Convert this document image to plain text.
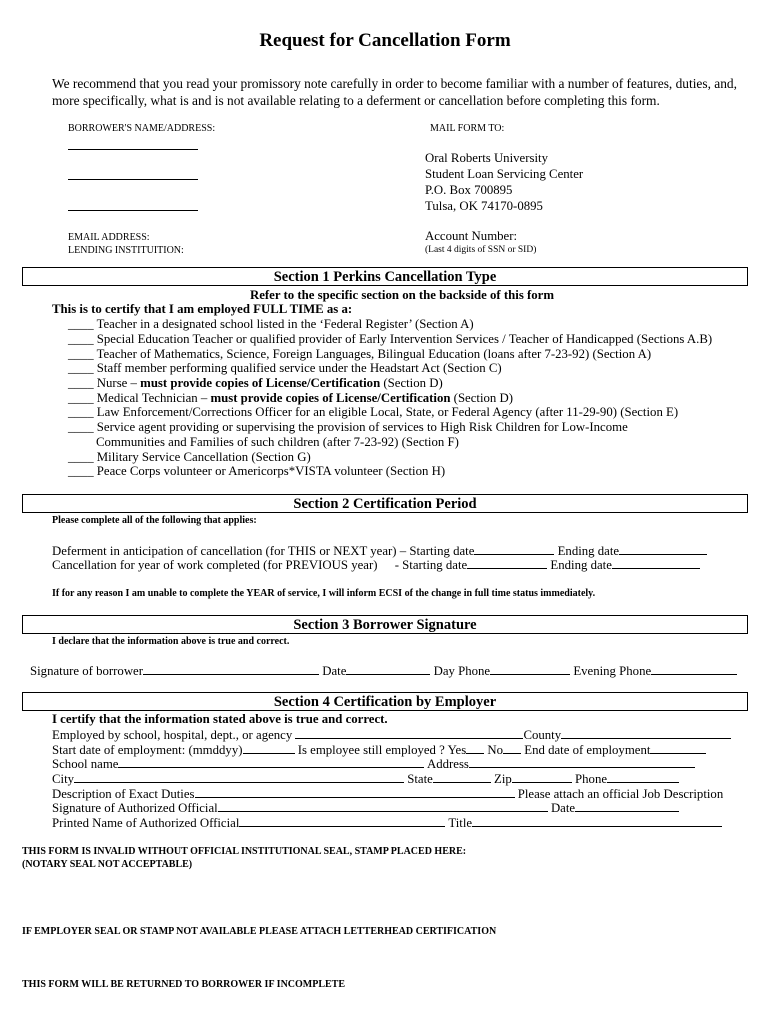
Request for Cancellation Form
We recommend that you read your promissory note carefully in order to become familiar with a number of features, duties, and, more specifically, what is and is not available relating to a deferment or cancellation before completing this form.
BORROWER'S NAME/ADDRESS:
EMAIL ADDRESS:
LENDING INSTITUITION:
MAIL FORM TO:
Oral Roberts University
Student Loan Servicing Center
P.O. Box 700895
Tulsa, OK 74170-0895
Account Number:
(Last 4 digits of SSN or SID)
Section 1 Perkins Cancellation Type
Refer to the specific section on the backside of this form
This is to certify that I am employed FULL TIME as a:
____ Teacher in a designated school listed in the ‘Federal Register’ (Section A)
____ Special Education Teacher or qualified provider of Early Intervention Services / Teacher of Handicapped (Sections A.B)
____ Teacher of Mathematics, Science, Foreign Languages, Bilingual Education (loans after 7-23-92) (Section A)
____ Staff member performing qualified service under the Headstart Act (Section C)
____ Nurse – must provide copies of License/Certification (Section D)
____ Medical Technician – must provide copies of License/Certification (Section D)
____ Law Enforcement/Corrections Officer for an eligible Local, State, or Federal Agency (after 11-29-90) (Section E)
____ Service agent providing or supervising the provision of services to High Risk Children for Low-Income
Communities and Families of such children (after 7-23-92) (Section F)
____ Military Service Cancellation (Section G)
____ Peace Corps volunteer or Americorps*VISTA volunteer (Section H)
Section 2 Certification Period
Please complete all of the following that applies:
Deferment in anticipation of cancellation (for THIS or NEXT year) – Starting date	Ending date
Cancellation for year of work completed (for PREVIOUS year) - Starting date	Ending date
If for any reason I am unable to complete the YEAR of service, I will inform ECSI of the change in full time status immediately.
Section 3 Borrower Signature
I declare that the information above is true and correct.
Signature of borrower	Date	Day Phone	Evening Phone
Section 4 Certification by Employer
I certify that the information stated above is true and correct.
Employed by school, hospital, dept., or agency	County
Start date of employment: (mmddyy)	Is employee still employed ? Yes No End date of employment
School name	Address
City	State	Zip	Phone
Description of Exact Duties	Please attach an official Job Description
Signature of Authorized Official	Date
Printed Name of Authorized Official	Title
THIS FORM IS INVALID WITHOUT OFFICIAL INSTITUTIONAL SEAL, STAMP PLACED HERE:
(NOTARY SEAL NOT ACCEPTABLE)
IF EMPLOYER SEAL OR STAMP NOT AVAILABLE PLEASE ATTACH LETTERHEAD CERTIFICATION
THIS FORM WILL BE RETURNED TO BORROWER IF INCOMPLETE
